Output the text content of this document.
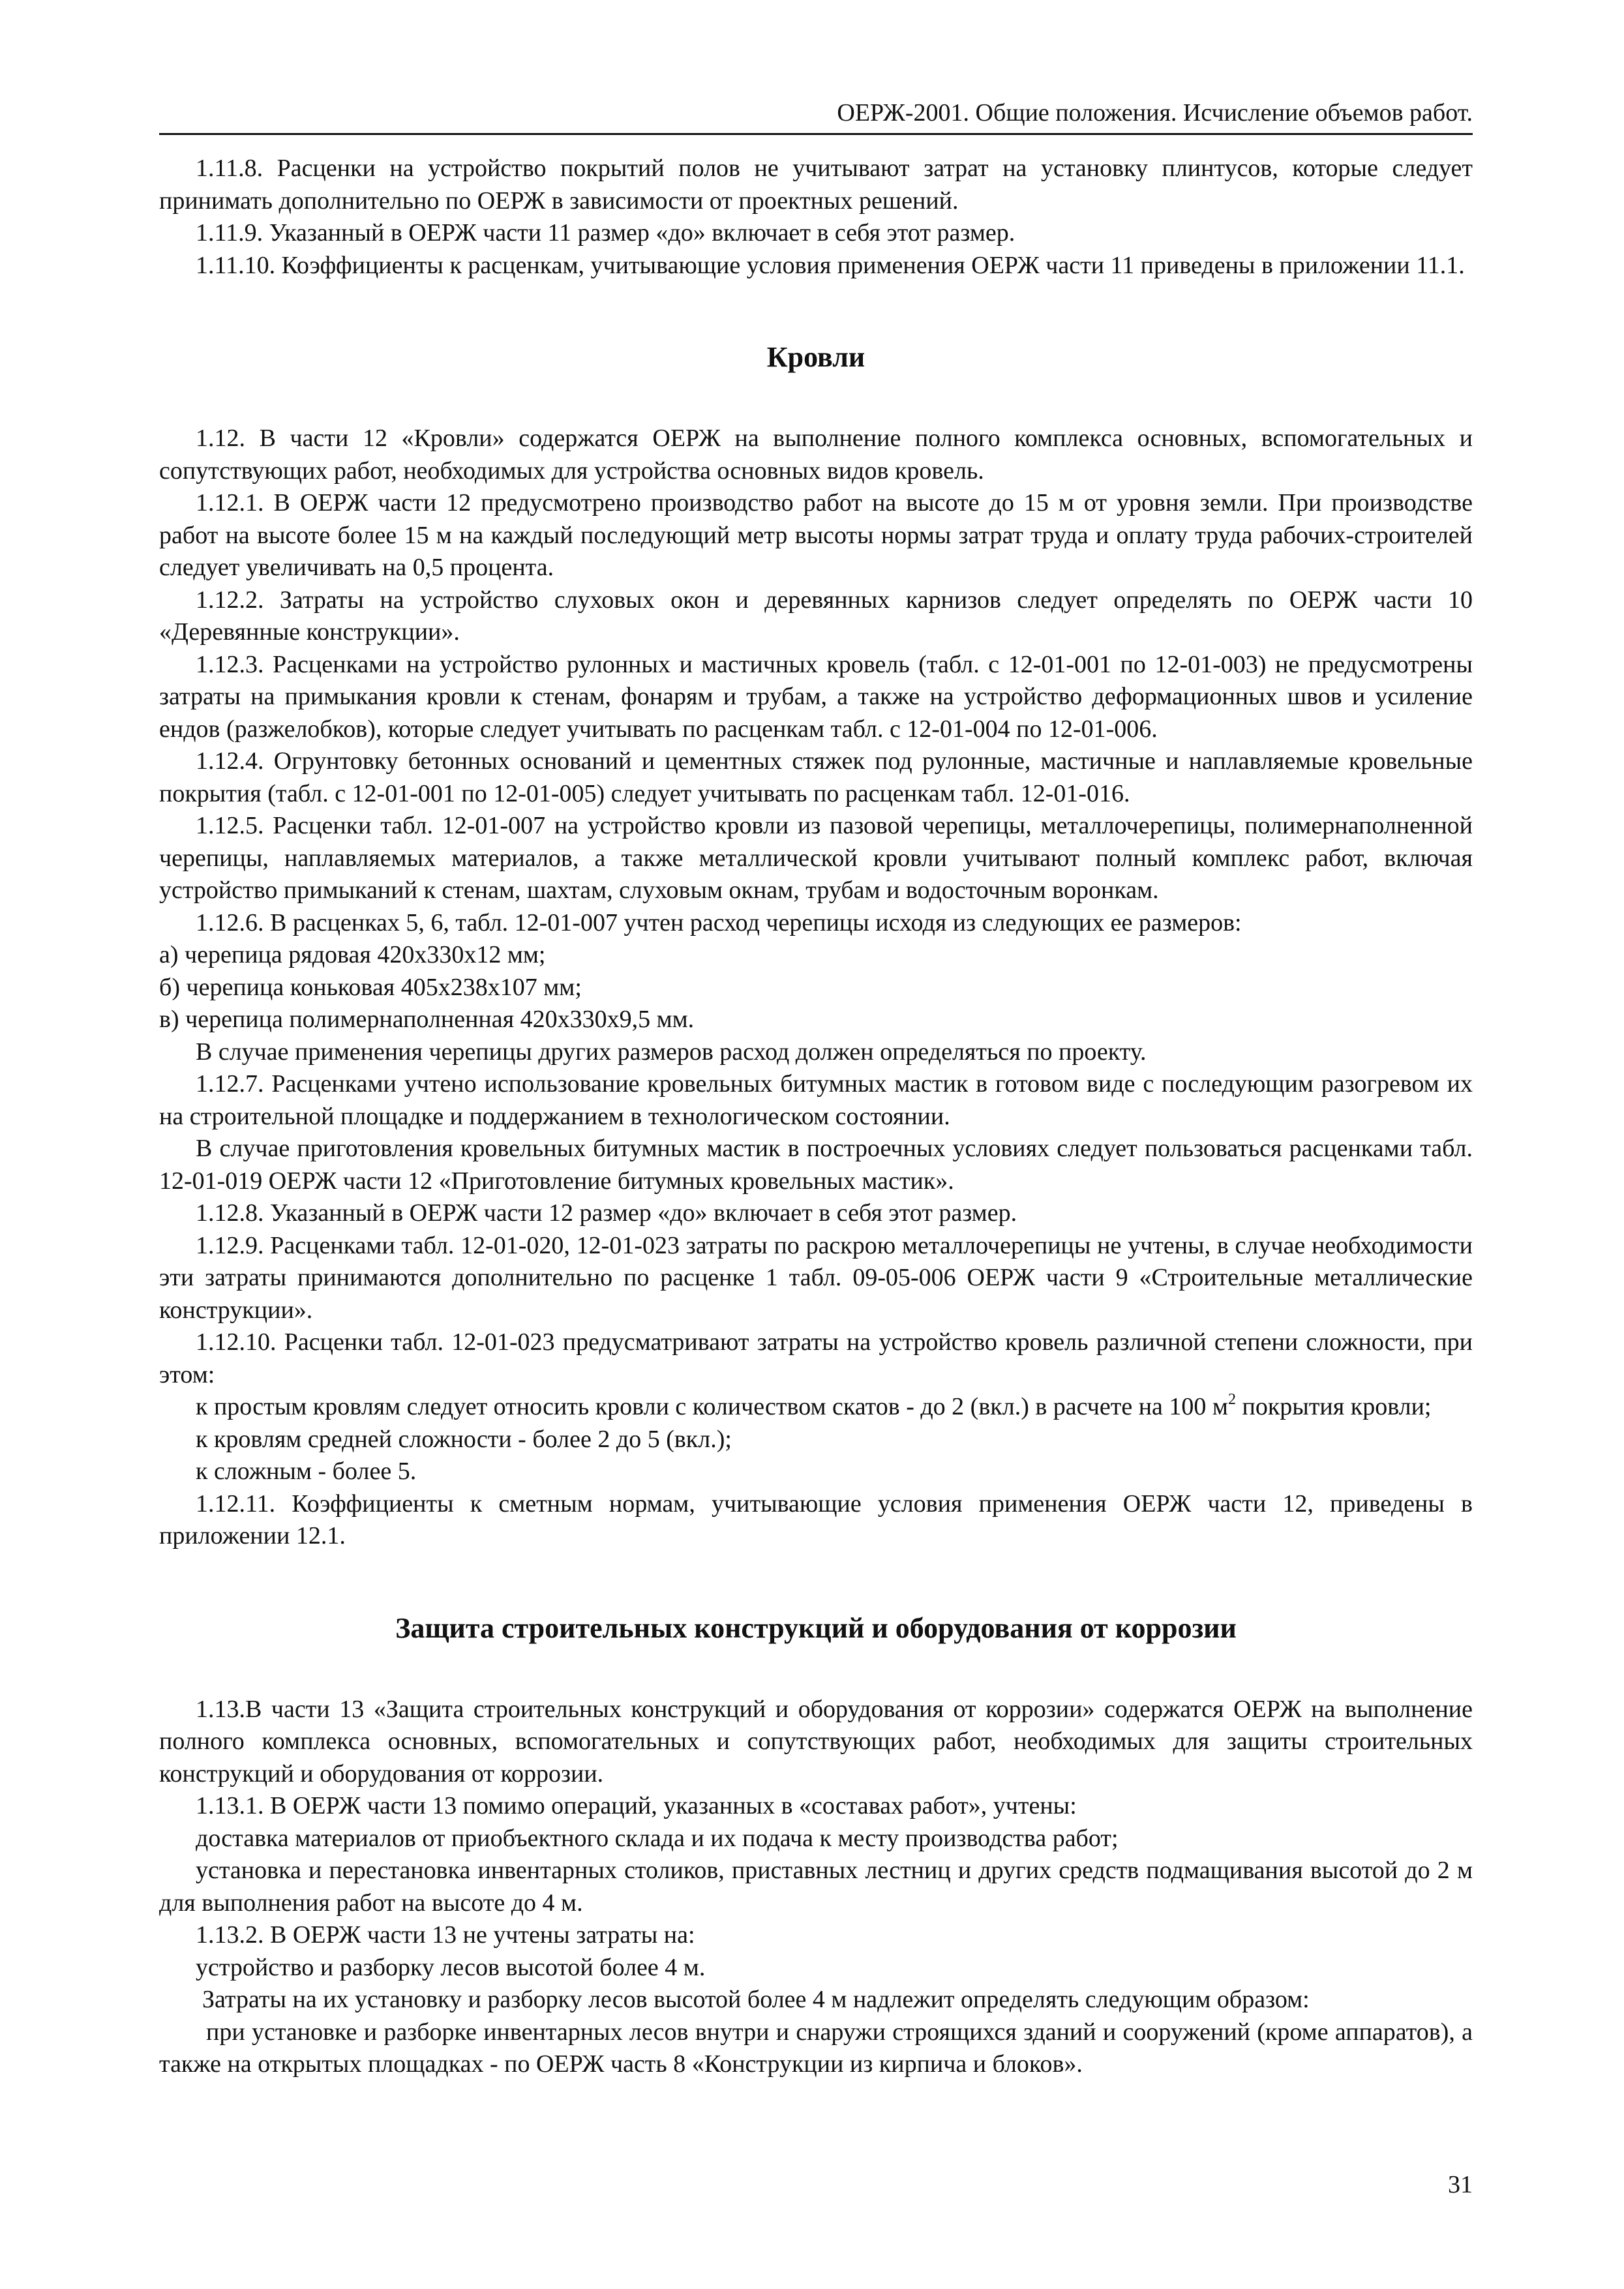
ОЕРЖ-2001. Общие положения. Исчисление объемов работ.

1.11.8. Расценки на устройство покрытий полов не учитывают затрат на установку плинтусов, которые следует принимать дополнительно по ОЕРЖ в зависимости от проектных решений.

1.11.9. Указанный в ОЕРЖ части 11 размер «до» включает в себя этот размер.

1.11.10. Коэффициенты к расценкам, учитывающие условия применения ОЕРЖ части 11 приведены в приложении 11.1.

Кровли

1.12. В части 12 «Кровли» содержатся ОЕРЖ на выполнение полного комплекса основных, вспомогательных и сопутствующих работ, необходимых для устройства основных видов кровель.

1.12.1. В ОЕРЖ части 12 предусмотрено производство работ на высоте до 15 м от уровня земли. При производстве работ на высоте более 15 м на каждый последующий метр высоты нормы затрат труда и оплату труда рабочих-строителей следует увеличивать на 0,5 процента.

1.12.2. Затраты на устройство слуховых окон и деревянных карнизов следует определять по ОЕРЖ части 10 «Деревянные конструкции».

1.12.3. Расценками на устройство рулонных и мастичных кровель (табл. с 12-01-001 по 12-01-003) не предусмотрены затраты на примыкания кровли к стенам, фонарям и трубам, а также на устройство деформационных швов и усиление ендов (разжелобков), которые следует учитывать по расценкам табл. с 12-01-004 по 12-01-006.

1.12.4. Огрунтовку бетонных оснований и цементных стяжек под рулонные, мастичные и наплавляемые кровельные покрытия (табл. с 12-01-001 по 12-01-005) следует учитывать по расценкам табл. 12-01-016.

1.12.5. Расценки табл. 12-01-007 на устройство кровли из пазовой черепицы, металлочерепицы, полимернаполненной черепицы, наплавляемых материалов, а также металлической кровли учитывают полный комплекс работ, включая устройство примыканий к стенам, шахтам, слуховым окнам, трубам и водосточным воронкам.

1.12.6. В расценках 5, 6, табл. 12-01-007 учтен расход черепицы исходя из следующих ее размеров:

а) черепица рядовая 420х330х12 мм;

б) черепица коньковая 405х238х107 мм;

в) черепица полимернаполненная 420х330х9,5 мм.

В случае применения черепицы других размеров расход должен определяться по проекту.

1.12.7. Расценками учтено использование кровельных битумных мастик в готовом виде с последующим разогревом их на строительной площадке и поддержанием в технологическом состоянии.

В случае приготовления кровельных битумных мастик в построечных условиях следует пользоваться расценками табл. 12-01-019 ОЕРЖ части 12 «Приготовление битумных кровельных мастик».

1.12.8. Указанный в ОЕРЖ части 12 размер «до» включает в себя этот размер.

1.12.9. Расценками табл. 12-01-020, 12-01-023 затраты по раскрою металлочерепицы не учтены, в случае необходимости эти затраты принимаются дополнительно по расценке 1 табл. 09-05-006 ОЕРЖ части 9 «Строительные металлические конструкции».

1.12.10. Расценки табл. 12-01-023 предусматривают затраты на устройство кровель различной степени сложности, при этом:

к простым кровлям следует относить кровли с количеством скатов - до 2 (вкл.) в расчете на 100 $м^2$ покрытия кровли;

к кровлям средней сложности - более 2 до 5 (вкл.);

к сложным - более 5.

1.12.11. Коэффициенты к сметным нормам, учитывающие условия применения ОЕРЖ части 12, приведены в приложении 12.1.

Защита строительных конструкций и оборудования от коррозии

1.13.В части 13 «Защита строительных конструкций и оборудования от коррозии» содержатся ОЕРЖ на выполнение полного комплекса основных, вспомогательных и сопутствующих работ, необходимых для защиты строительных конструкций и оборудования от коррозии.

1.13.1. В ОЕРЖ части 13 помимо операций, указанных в «составах работ», учтены:

доставка материалов от приобъектного склада и их подача к месту производства работ;

установка и перестановка инвентарных столиков, приставных лестниц и других средств подмащивания высотой до 2 м для выполнения работ на высоте до 4 м.

1.13.2. В ОЕРЖ части 13 не учтены затраты на:

устройство и разборку лесов высотой более 4 м.

Затраты на их установку и разборку лесов высотой более 4 м надлежит определять следующим образом:

при установке и разборке инвентарных лесов внутри и снаружи строящихся зданий и сооружений (кроме аппаратов), а также на открытых площадках - по ОЕРЖ часть 8 «Конструкции из кирпича и блоков».

31
